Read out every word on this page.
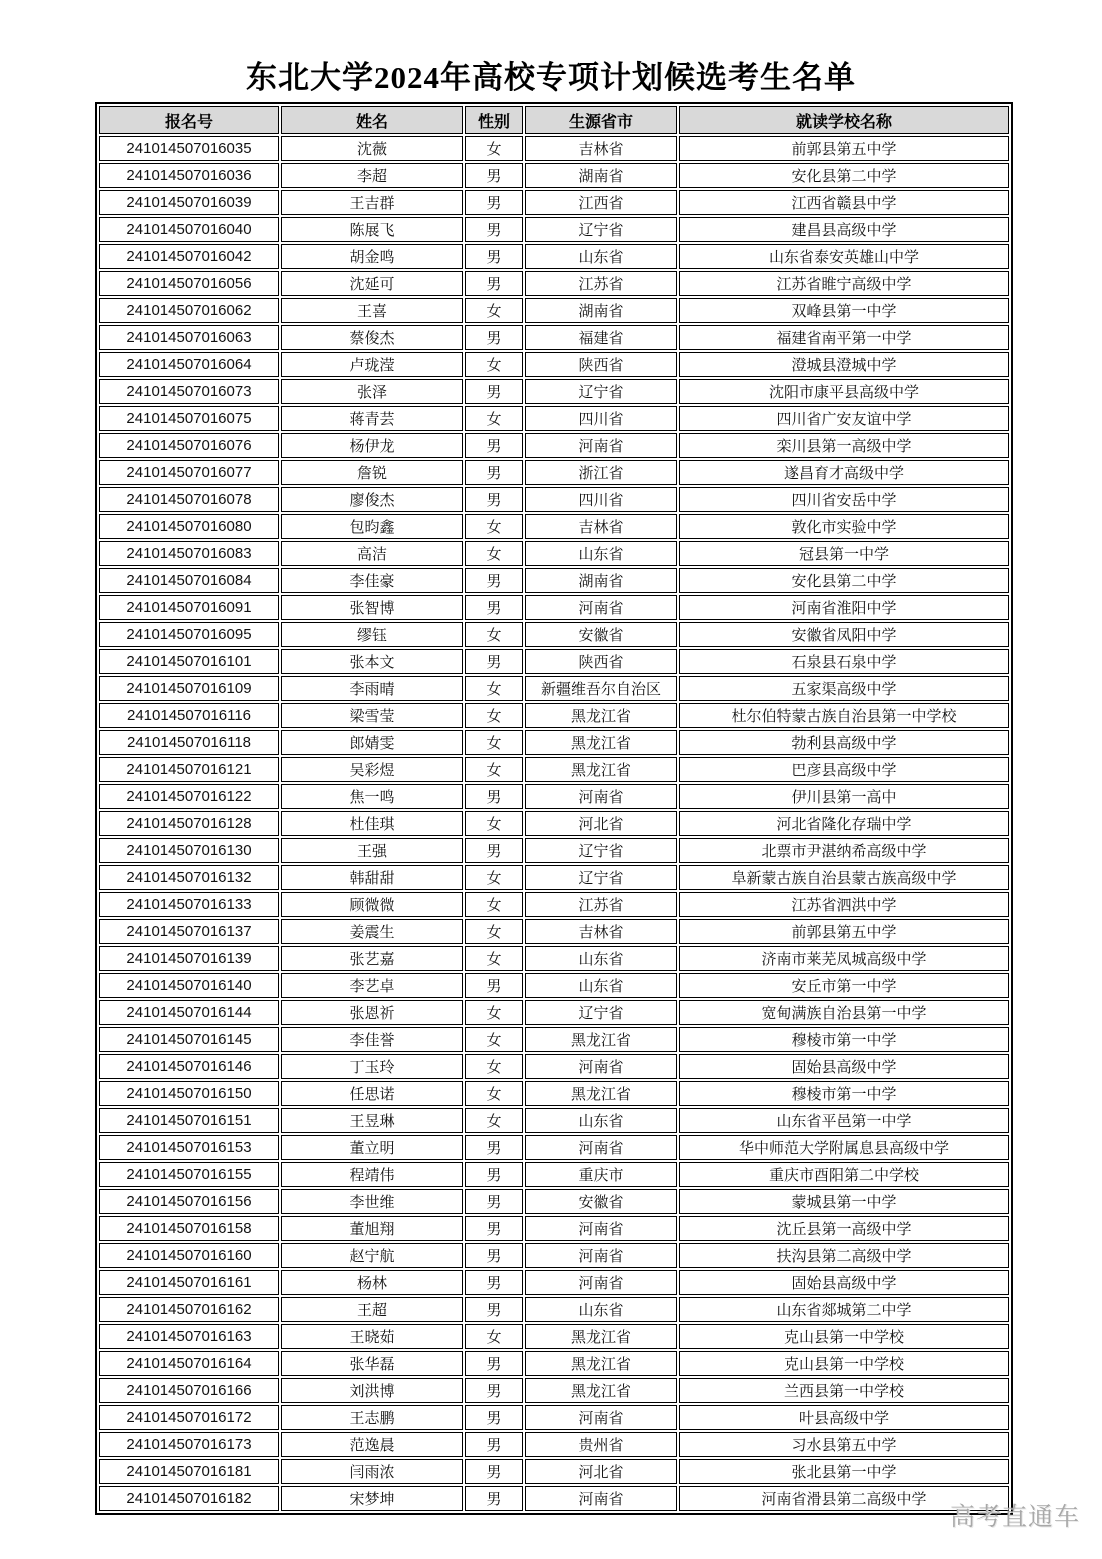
东北大学2024年高校专项计划候选考生名单
报名号	姓名	性别	生源省市	就读学校名称
241014507016035	沈薇	女	吉林省	前郭县第五中学
241014507016036	李超	男	湖南省	安化县第二中学
241014507016039	王吉群	男	江西省	江西省赣县中学
241014507016040	陈展飞	男	辽宁省	建昌县高级中学
241014507016042	胡金鸣	男	山东省	山东省泰安英雄山中学
241014507016056	沈延可	男	江苏省	江苏省睢宁高级中学
241014507016062	王喜	女	湖南省	双峰县第一中学
241014507016063	蔡俊杰	男	福建省	福建省南平第一中学
241014507016064	卢珑滢	女	陕西省	澄城县澄城中学
241014507016073	张泽	男	辽宁省	沈阳市康平县高级中学
241014507016075	蒋青芸	女	四川省	四川省广安友谊中学
241014507016076	杨伊龙	男	河南省	栾川县第一高级中学
241014507016077	詹锐	男	浙江省	遂昌育才高级中学
241014507016078	廖俊杰	男	四川省	四川省安岳中学
241014507016080	包昀鑫	女	吉林省	敦化市实验中学
241014507016083	高洁	女	山东省	冠县第一中学
241014507016084	李佳豪	男	湖南省	安化县第二中学
241014507016091	张智博	男	河南省	河南省淮阳中学
241014507016095	缪钰	女	安徽省	安徽省凤阳中学
241014507016101	张本文	男	陕西省	石泉县石泉中学
241014507016109	李雨晴	女	新疆维吾尔自治区	五家渠高级中学
241014507016116	梁雪莹	女	黑龙江省	杜尔伯特蒙古族自治县第一中学校
241014507016118	郎婧雯	女	黑龙江省	勃利县高级中学
241014507016121	吴彩煜	女	黑龙江省	巴彦县高级中学
241014507016122	焦一鸣	男	河南省	伊川县第一高中
241014507016128	杜佳琪	女	河北省	河北省隆化存瑞中学
241014507016130	王强	男	辽宁省	北票市尹湛纳希高级中学
241014507016132	韩甜甜	女	辽宁省	阜新蒙古族自治县蒙古族高级中学
241014507016133	顾微微	女	江苏省	江苏省泗洪中学
241014507016137	姜震生	女	吉林省	前郭县第五中学
241014507016139	张艺嘉	女	山东省	济南市莱芜凤城高级中学
241014507016140	李艺卓	男	山东省	安丘市第一中学
241014507016144	张恩祈	女	辽宁省	宽甸满族自治县第一中学
241014507016145	李佳誉	女	黑龙江省	穆棱市第一中学
241014507016146	丁玉玲	女	河南省	固始县高级中学
241014507016150	任思诺	女	黑龙江省	穆棱市第一中学
241014507016151	王昱琳	女	山东省	山东省平邑第一中学
241014507016153	董立明	男	河南省	华中师范大学附属息县高级中学
241014507016155	程靖伟	男	重庆市	重庆市酉阳第二中学校
241014507016156	李世维	男	安徽省	蒙城县第一中学
241014507016158	董旭翔	男	河南省	沈丘县第一高级中学
241014507016160	赵宁航	男	河南省	扶沟县第二高级中学
241014507016161	杨林	男	河南省	固始县高级中学
241014507016162	王超	男	山东省	山东省郯城第二中学
241014507016163	王晓茹	女	黑龙江省	克山县第一中学校
241014507016164	张华磊	男	黑龙江省	克山县第一中学校
241014507016166	刘洪博	男	黑龙江省	兰西县第一中学校
241014507016172	王志鹏	男	河南省	叶县高级中学
241014507016173	范逸晨	男	贵州省	习水县第五中学
241014507016181	闫雨浓	男	河北省	张北县第一中学
241014507016182	宋梦坤	男	河南省	河南省滑县第二高级中学
高考直通车
